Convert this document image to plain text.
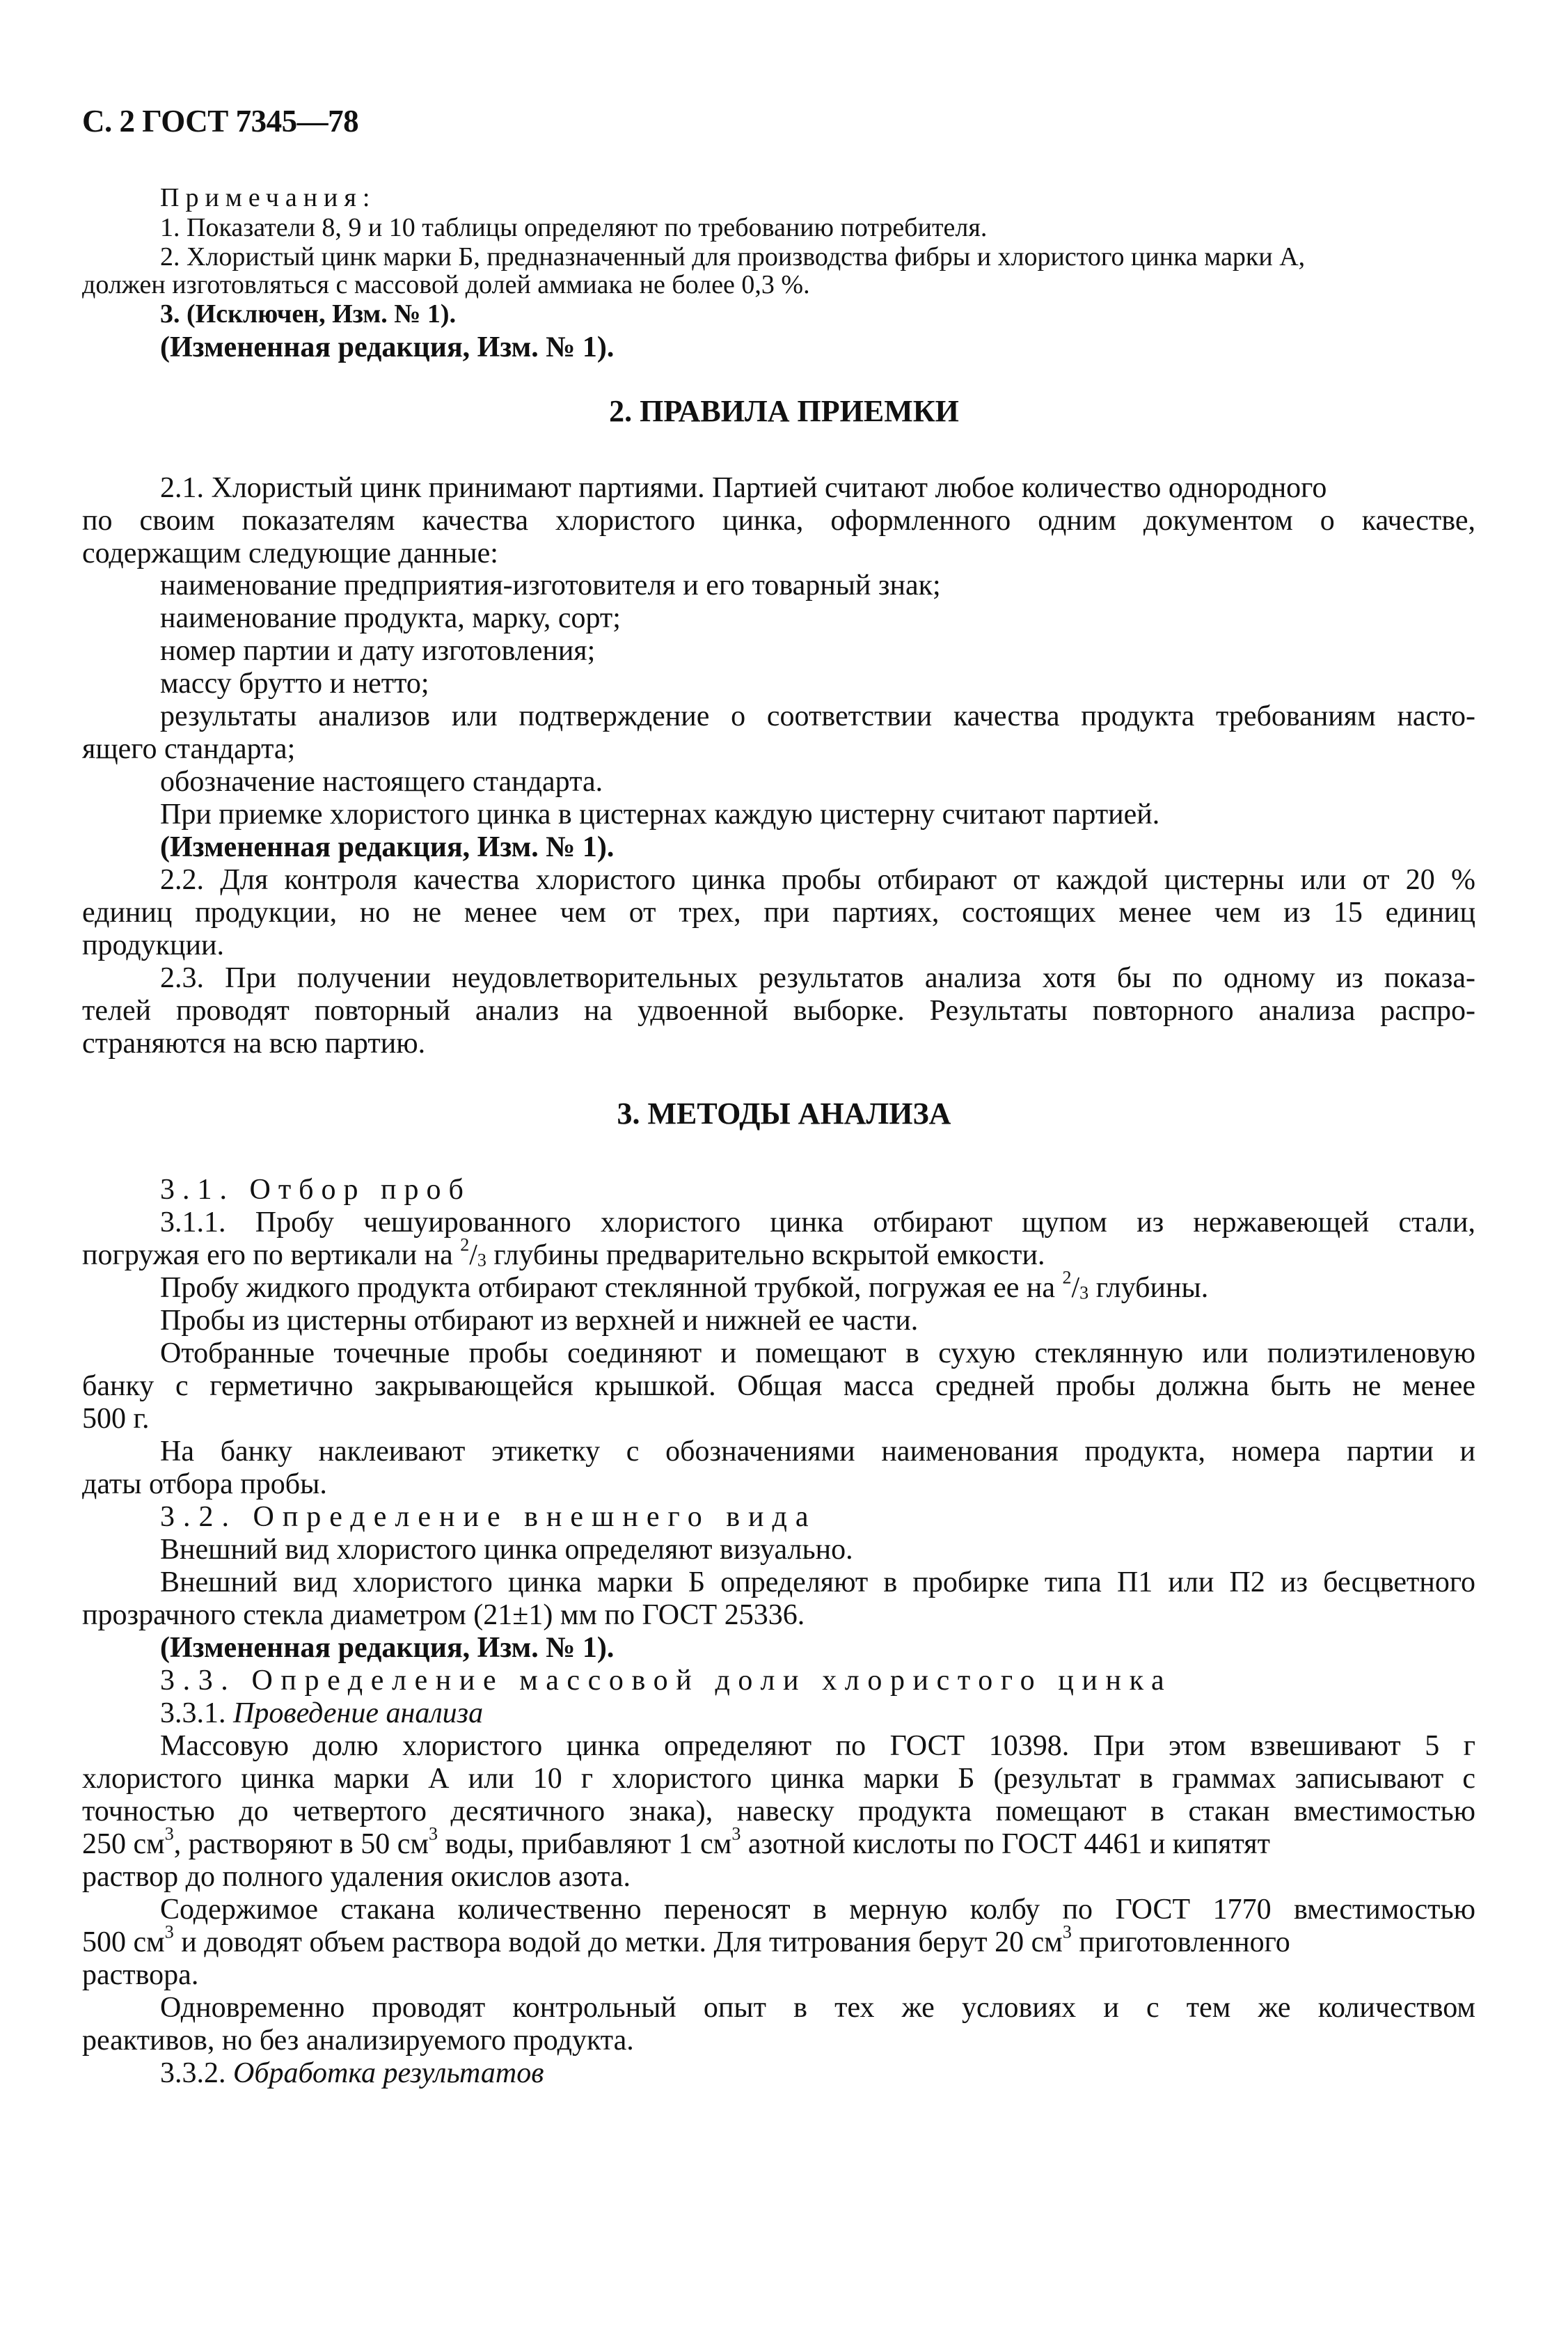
С. 2 ГОСТ 7345—78
Примечания:
1. Показатели 8, 9 и 10 таблицы определяют по требованию потребителя.
2. Хлористый цинк марки Б, предназначенный для производства фибры и хлористого цинка марки А,
должен изготовляться с массовой долей аммиака не более 0,3 %.
3. (Исключен, Изм. № 1).
(Измененная редакция, Изм. № 1).
2. ПРАВИЛА ПРИЕМКИ
2.1. Хлористый цинк принимают партиями. Партией считают любое количество однородного
по своим показателям качества хлористого цинка, оформленного одним документом о качестве,
содержащим следующие данные:
наименование предприятия-изготовителя и его товарный знак;
наименование продукта, марку, сорт;
номер партии и дату изготовления;
массу брутто и нетто;
результаты анализов или подтверждение о соответствии качества продукта требованиям насто-
ящего стандарта;
обозначение настоящего стандарта.
При приемке хлористого цинка в цистернах каждую цистерну считают партией.
(Измененная редакция, Изм. № 1).
2.2. Для контроля качества хлористого цинка пробы отбирают от каждой цистерны или от 20 %
единиц продукции, но не менее чем от трех, при партиях, состоящих менее чем из 15 единиц
продукции.
2.3. При получении неудовлетворительных результатов анализа хотя бы по одному из показа-
телей проводят повторный анализ на удвоенной выборке. Результаты повторного анализа распро-
страняются на всю партию.
3. МЕТОДЫ АНАЛИЗА
3.1. Отбор проб
3.1.1. Пробу чешуированного хлористого цинка отбирают щупом из нержавеющей стали,
погружая его по вертикали на $^2/_3$ глубины предварительно вскрытой емкости.
Пробу жидкого продукта отбирают стеклянной трубкой, погружая ее на $^2/_3$ глубины.
Пробы из цистерны отбирают из верхней и нижней ее части.
Отобранные точечные пробы соединяют и помещают в сухую стеклянную или полиэтиленовую
банку с герметично закрывающейся крышкой. Общая масса средней пробы должна быть не менее
500 г.
На банку наклеивают этикетку с обозначениями наименования продукта, номера партии и
даты отбора пробы.
3.2. Определение внешнего вида
Внешний вид хлористого цинка определяют визуально.
Внешний вид хлористого цинка марки Б определяют в пробирке типа П1 или П2 из бесцветного
прозрачного стекла диаметром (21±1) мм по ГОСТ 25336.
(Измененная редакция, Изм. № 1).
3.3. Определение массовой доли хлористого цинка
3.3.1. Проведение анализа
Массовую долю хлористого цинка определяют по ГОСТ 10398. При этом взвешивают 5 г
хлористого цинка марки А или 10 г хлористого цинка марки Б (результат в граммах записывают с
точностью до четвертого десятичного знака), навеску продукта помещают в стакан вместимостью
250 $см^3$, растворяют в 50 $см^3$ воды, прибавляют 1 $см^3$ азотной кислоты по ГОСТ 4461 и кипятят
раствор до полного удаления окислов азота.
Содержимое стакана количественно переносят в мерную колбу по ГОСТ 1770 вместимостью
500 $см^3$ и доводят объем раствора водой до метки. Для титрования берут 20 $см^3$ приготовленного
раствора.
Одновременно проводят контрольный опыт в тех же условиях и с тем же количеством
реактивов, но без анализируемого продукта.
3.3.2. Обработка результатов
